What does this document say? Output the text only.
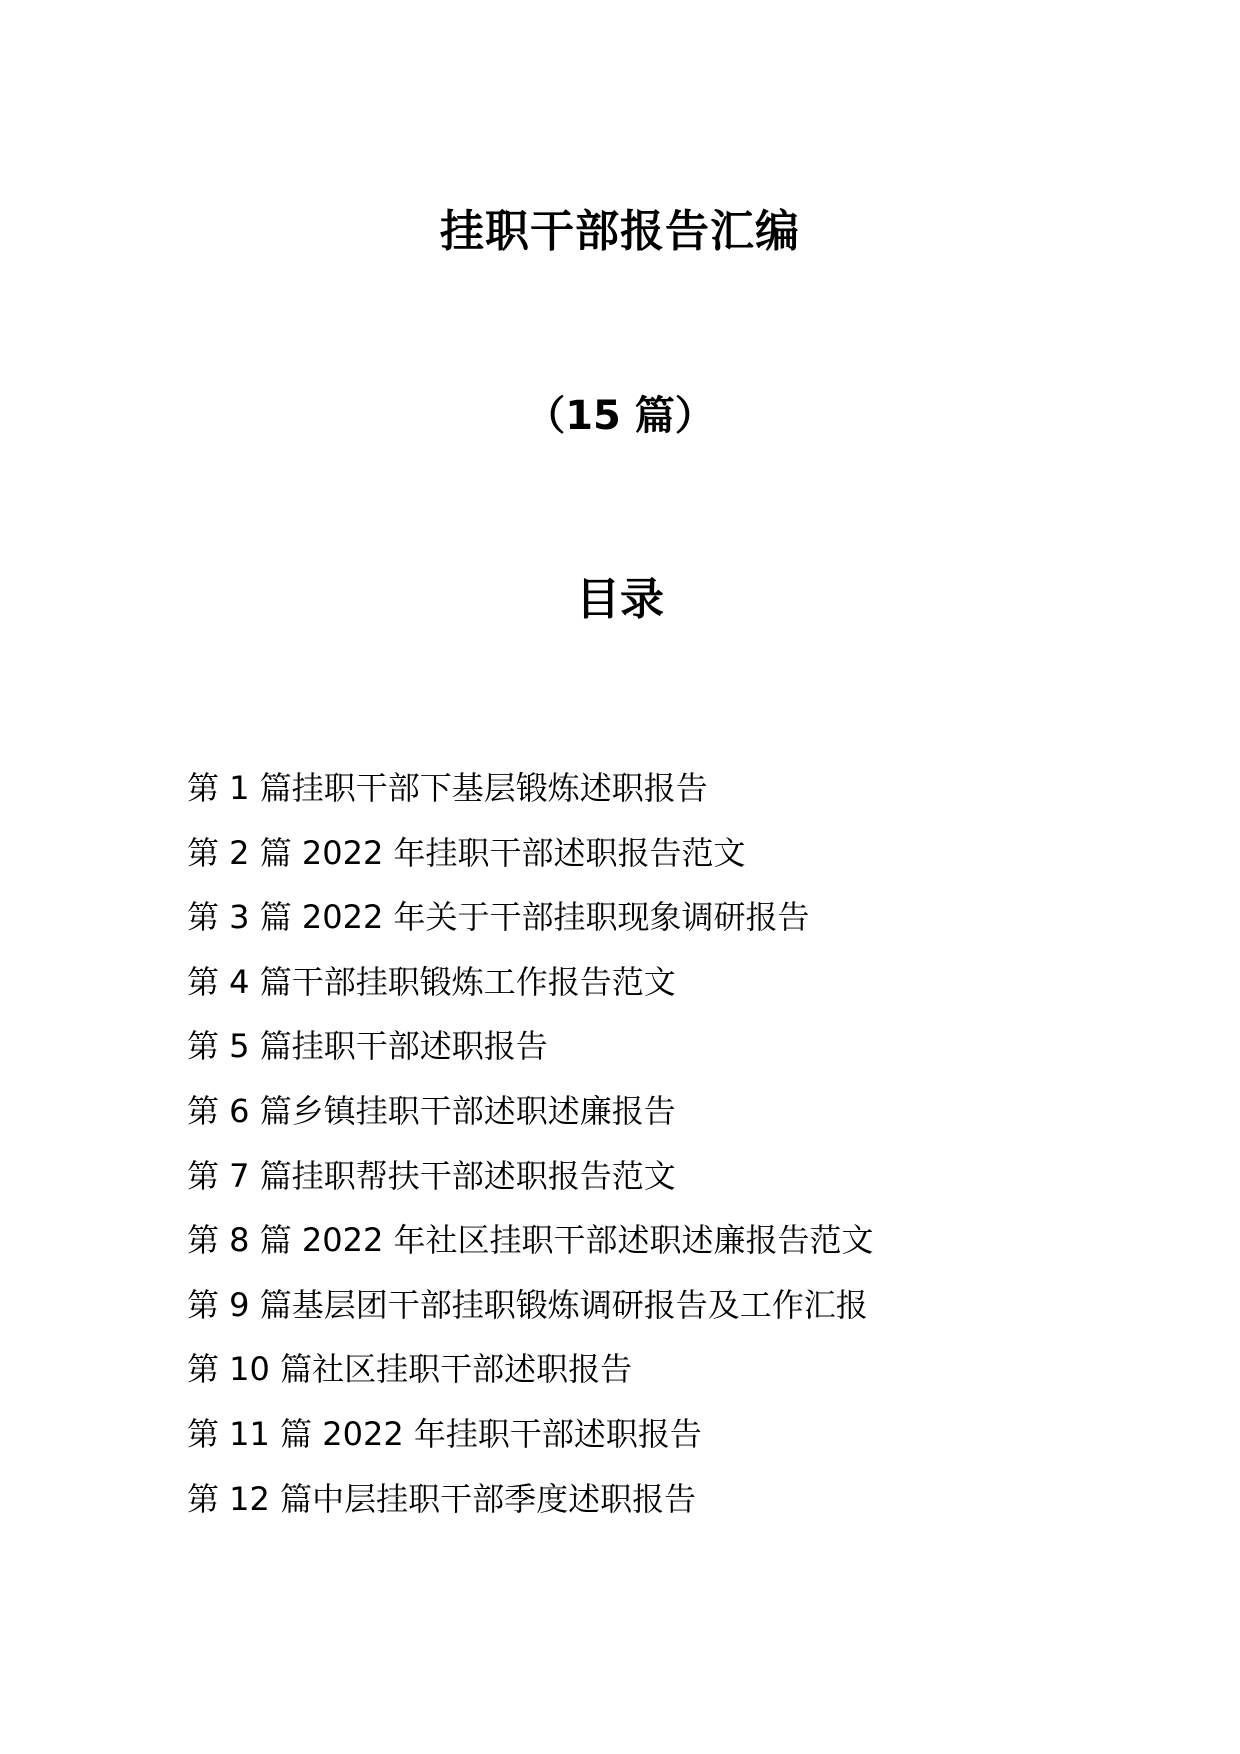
挂职干部报告汇编
（15 篇）
目录
第 1 篇挂职干部下基层锻炼述职报告
第 2 篇 2022 年挂职干部述职报告范文
第 3 篇 2022 年关于干部挂职现象调研报告
第 4 篇干部挂职锻炼工作报告范文
第 5 篇挂职干部述职报告
第 6 篇乡镇挂职干部述职述廉报告
第 7 篇挂职帮扶干部述职报告范文
第 8 篇 2022 年社区挂职干部述职述廉报告范文
第 9 篇基层团干部挂职锻炼调研报告及工作汇报
第 10 篇社区挂职干部述职报告
第 11 篇 2022 年挂职干部述职报告
第 12 篇中层挂职干部季度述职报告
